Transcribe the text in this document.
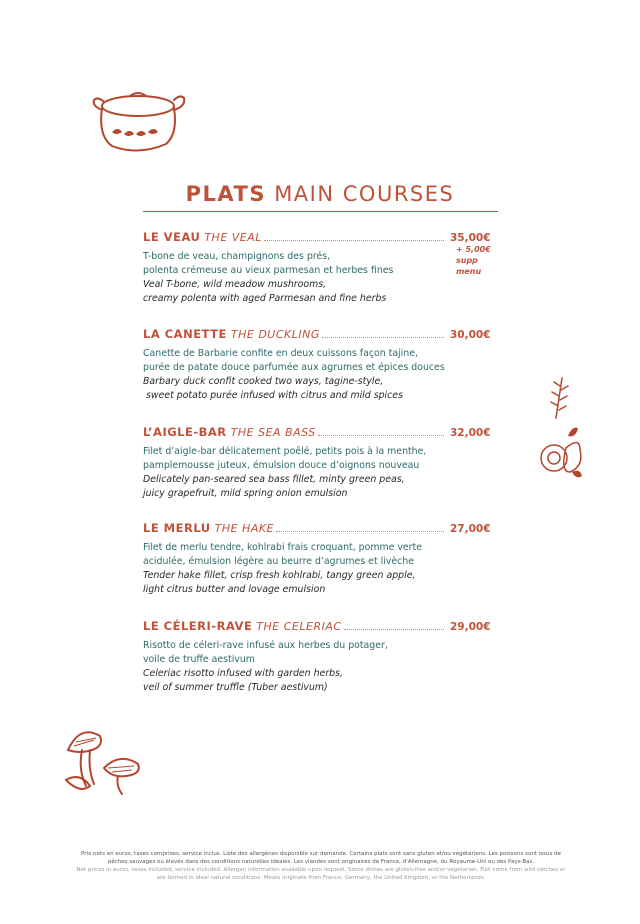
PLATS MAIN COURSES
LE VEAU THE VEAL	35,00€
T-bone de veau, champignons des prés,
polenta crémeuse au vieux parmesan et herbes fines
Veal T-bone, wild meadow mushrooms,
creamy polenta with aged Parmesan and fine herbs
+ 5,00€
supp
menu
LA CANETTE THE DUCKLING	30,00€
Canette de Barbarie confite en deux cuissons façon tajine,
purée de patate douce parfumée aux agrumes et épices douces
Barbary duck confit cooked two ways, tagine-style,
sweet potato purée infused with citrus and mild spices
L’AIGLE-BAR THE SEA BASS	32,00€
Filet d’aigle-bar délicatement poêlé, petits pois à la menthe,
pamplemousse juteux, émulsion douce d’oignons nouveau
Delicately pan-seared sea bass fillet, minty green peas,
juicy grapefruit, mild spring onion emulsion
LE MERLU THE HAKE	27,00€
Filet de merlu tendre, kohlrabi frais croquant, pomme verte
acidulée, émulsion légère au beurre d’agrumes et livèche
Tender hake fillet, crisp fresh kohlrabi, tangy green apple,
light citrus butter and lovage emulsion
LE CÉLERI-RAVE THE CELERIAC	29,00€
Risotto de céleri-rave infusé aux herbes du potager,
voile de truffe aestivum
Celeriac risotto infused with garden herbs,
veil of summer truffle (Tuber aestivum)
Prix nets en euros, taxes comprises, service inclus. Liste des allergènes disponible sur demande. Certains plats sont sans gluten et/ou végétariens. Les poissons sont issus de pêches sauvages ou élevés dans des conditions naturelles idéales. Les viandes sont originaires de France, d’Allemagne, du Royaume-Uni ou des Pays-Bas.
Net prices in euros, taxes included, service included. Allergen information available upon request. Some dishes are gluten-free and/or vegetarian. Fish come from wild catches or are farmed in ideal natural conditions. Meats originate from France, Germany, the United Kingdom, or the Netherlands.
